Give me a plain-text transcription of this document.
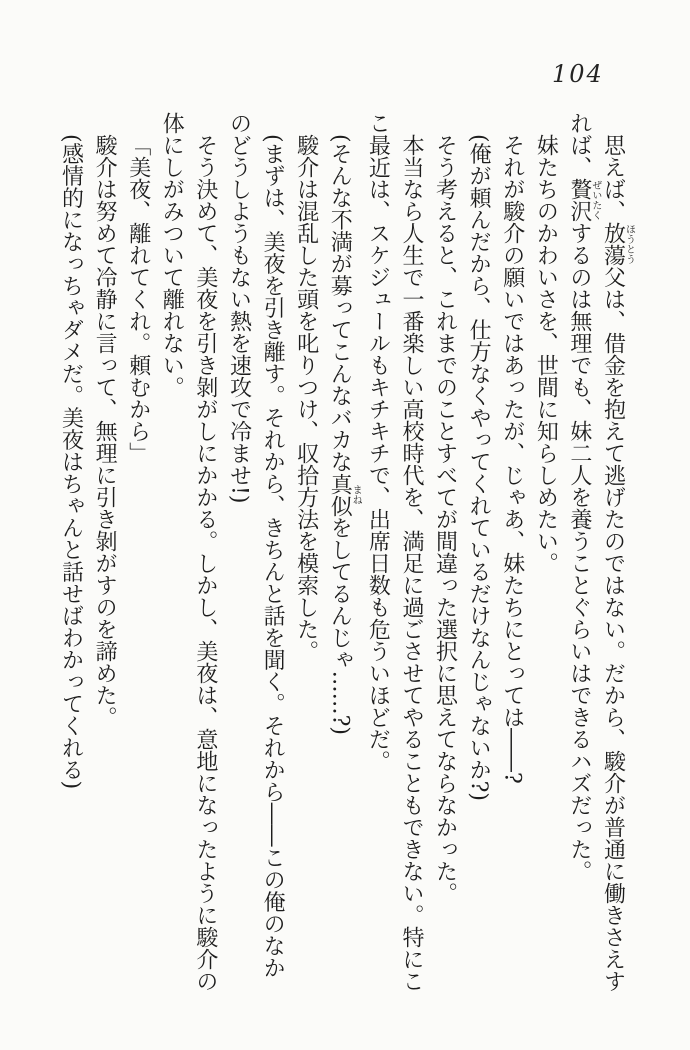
104

思えば、放蕩ほうとう父は、借金を抱えて逃げたのではない。だから、駿介が普通に働きさえすれば、贅沢ぜいたくするのは無理でも、妹二人を養うことぐらいはできるハズだった。

妹たちのかわいさを、世間に知らしめたい。

それが駿介の願いではあったが、じゃあ、妹たちにとっては――?

(俺が頼んだから、仕方なくやってくれているだけなんじゃないか?)

そう考えると、これまでのことすべてが間違った選択に思えてならなかった。

本当なら人生で一番楽しい高校時代を、満足に過ごさせてやることもできない。特にここ最近は、スケジュールもキチキチで、出席日数も危ういほどだ。

(そんな不満が募ってこんなバカな真似まねをしてるんじゃ……?)

駿介は混乱した頭を叱りつけ、収拾方法を模索した。

(まずは、美夜を引き離す。それから、きちんと話を聞く。それから――この俺のなかのどうしようもない熱を速攻で冷ませ!)

そう決めて、美夜を引き剝がしにかかる。しかし、美夜は、意地になったように駿介の体にしがみついて離れない。

「美夜、離れてくれ。頼むから」

駿介は努めて冷静に言って、無理に引き剝がすのを諦めた。

(感情的になっちゃダメだ。美夜はちゃんと話せばわかってくれる)
